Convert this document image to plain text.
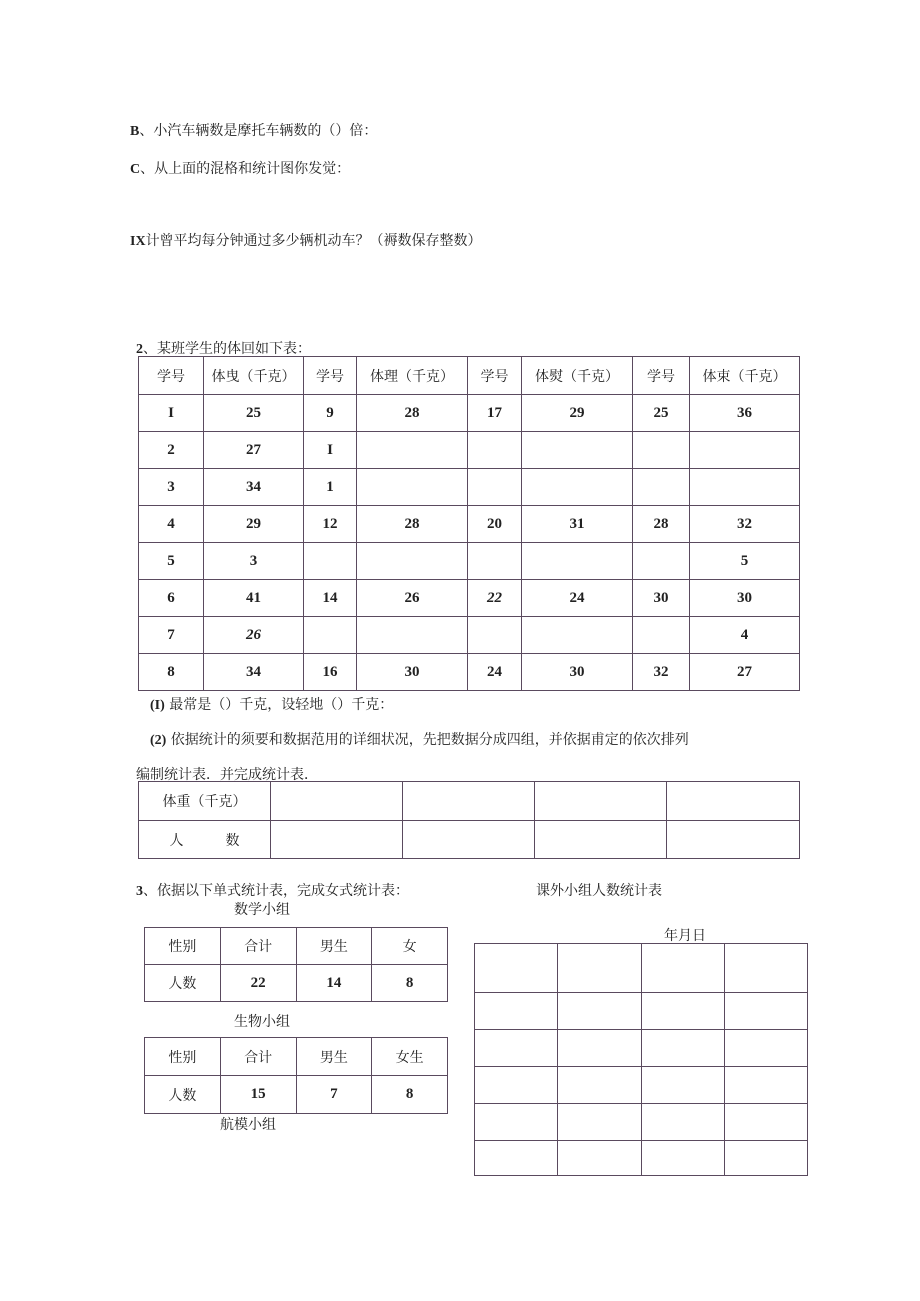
B、小汽车辆数是摩托车辆数的（）倍：
C、从上面的混格和统计图你发觉：
IX计曾平均每分钟通过多少辆机动车？（褥数保存整数）
2、某班学生的体回如下表：
学号	体曳（千克）	学号	体理（千克）	学号	体熨（千克）	学号	体束（千克）
I	25	9	28	17	29	25	36
2	27	I					
3	34	1					
4	29	12	28	20	31	28	32
5	3						5
6	41	14	26	22	24	30	30
7	26						4
8	34	16	30	24	30	32	27
(I) 最常是（）千克，设轻地（）千克：
(2) 依据统计的须要和数据范用的详细状况，先把数据分成四组，并依据甫定的依次排列
编制统计表．并完成统计表．
体重（千克）				
人　　　数				
3、依据以下单式统计表，完成女式统计表：	课外小组人数统计表
数学小组
性别	合计	男生	女
人数	22	14	8
生物小组
性别	合计	男生	女生
人数	15	7	8
航模小组
年月日
